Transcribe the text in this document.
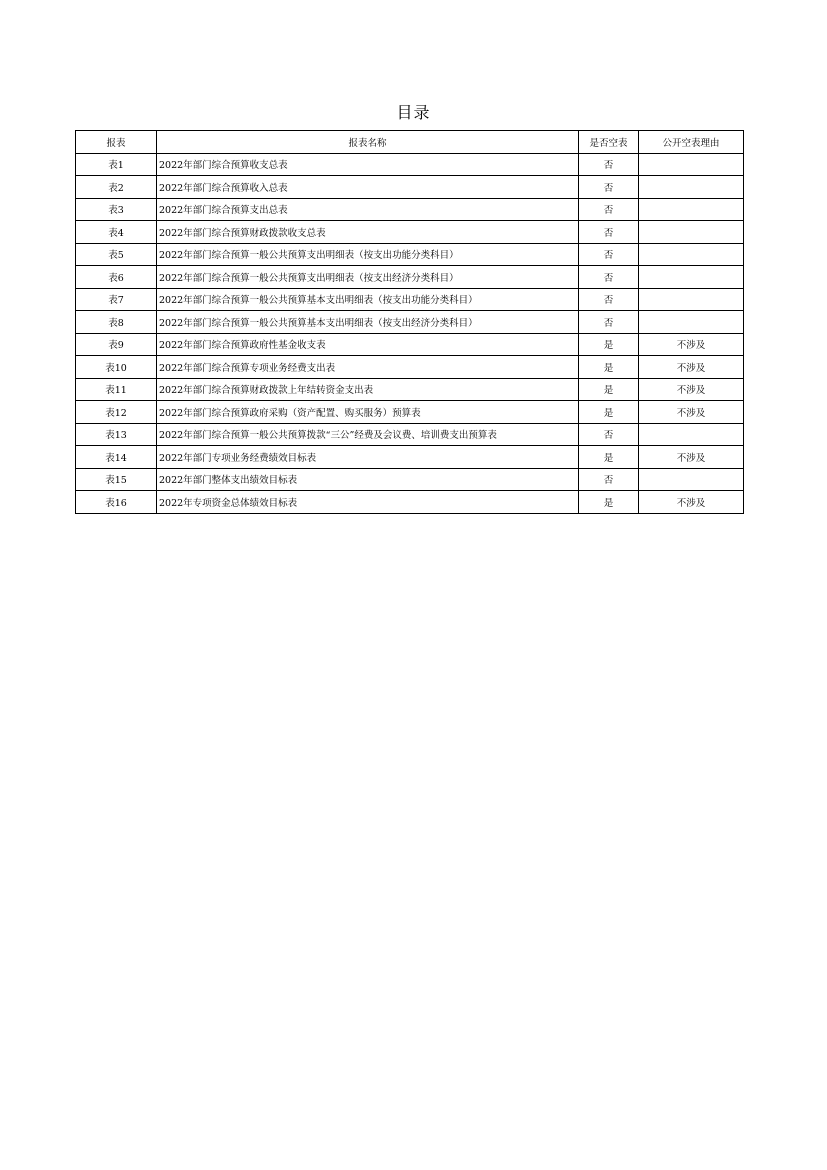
目录
报表	报表名称	是否空表	公开空表理由
表1	2022年部门综合预算收支总表	否	
表2	2022年部门综合预算收入总表	否	
表3	2022年部门综合预算支出总表	否	
表4	2022年部门综合预算财政拨款收支总表	否	
表5	2022年部门综合预算一般公共预算支出明细表（按支出功能分类科目）	否	
表6	2022年部门综合预算一般公共预算支出明细表（按支出经济分类科目）	否	
表7	2022年部门综合预算一般公共预算基本支出明细表（按支出功能分类科目）	否	
表8	2022年部门综合预算一般公共预算基本支出明细表（按支出经济分类科目）	否	
表9	2022年部门综合预算政府性基金收支表	是	不涉及
表10	2022年部门综合预算专项业务经费支出表	是	不涉及
表11	2022年部门综合预算财政拨款上年结转资金支出表	是	不涉及
表12	2022年部门综合预算政府采购（资产配置、购买服务）预算表	是	不涉及
表13	2022年部门综合预算一般公共预算拨款“三公”经费及会议费、培训费支出预算表	否	
表14	2022年部门专项业务经费绩效目标表	是	不涉及
表15	2022年部门整体支出绩效目标表	否	
表16	2022年专项资金总体绩效目标表	是	不涉及
